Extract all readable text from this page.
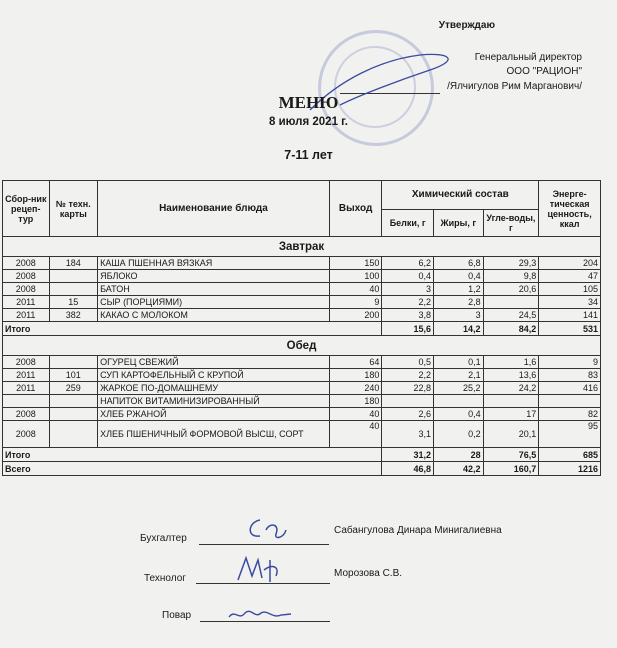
Утверждаю
Генеральный директор
ООО "РАЦИОН"
/Ялчигулов Рим Марганович/
МЕНЮ
8 июля 2021 г.
7-11 лет
Сбор-ник рецеп-тур	№ техн. карты	Наименование блюда	Выход	Химический состав			Энерге-тическая ценность, ккал
				Белки, г	Жиры, г	Угле-воды, г	
Завтрак							
2008	184	КАША ПШЕННАЯ ВЯЗКАЯ	150	6,2	6,8	29,3	204
2008		ЯБЛОКО	100	0,4	0,4	9,8	47
2008		БАТОН	40	3	1,2	20,6	105
2011	15	СЫР (ПОРЦИЯМИ)	9	2,2	2,8		34
2011	382	КАКАО С МОЛОКОМ	200	3,8	3	24,5	141
Итого				15,6	14,2	84,2	531
Обед							
2008		ОГУРЕЦ СВЕЖИЙ	64	0,5	0,1	1,6	9
2011	101	СУП КАРТОФЕЛЬНЫЙ С КРУПОЙ	180	2,2	2,1	13,6	83
2011	259	ЖАРКОЕ ПО-ДОМАШНЕМУ	240	22,8	25,2	24,2	416
		НАПИТОК ВИТАМИНИЗИРОВАННЫЙ	180				
2008		ХЛЕБ РЖАНОЙ	40	2,6	0,4	17	82
2008		ХЛЕБ ПШЕНИЧНЫЙ ФОРМОВОЙ ВЫСШ, СОРТ	40	3,1	0,2	20,1	95
Итого				31,2	28	76,5	685
Всего				46,8	42,2	160,7	1216
Бухгалтер
Сабангулова Динара Минигалиевна
Технолог	Морозова С.В.
Повар
